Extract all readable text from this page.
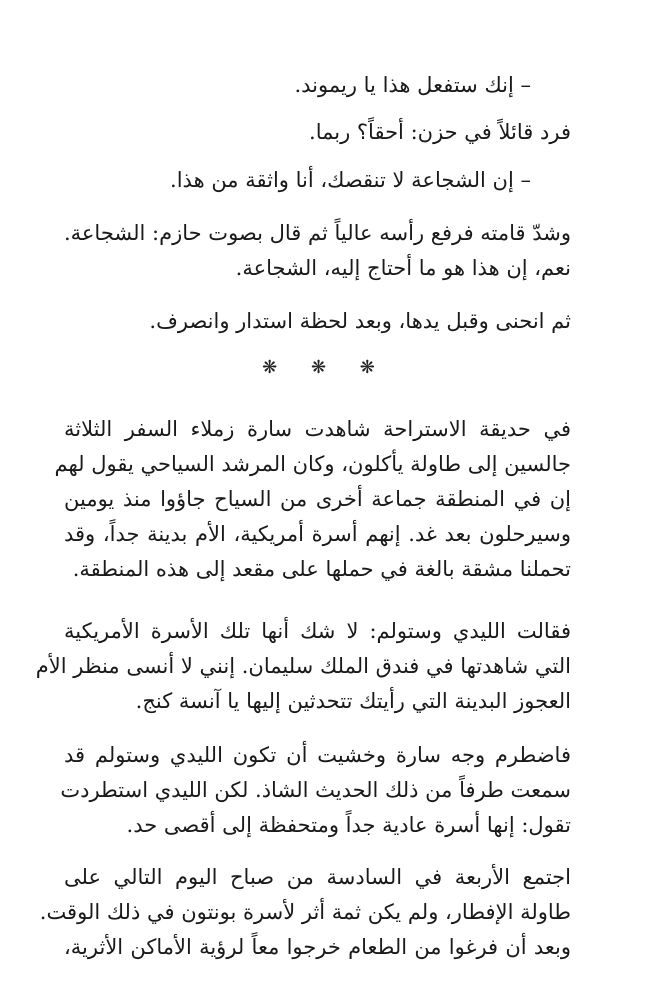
– إنك ستفعل هذا يا ريموند.

فرد قائلاً في حزن: أحقاً؟ ربما.

– إن الشجاعة لا تنقصك، أنا واثقة من هذا.

وشدّ قامته فرفع رأسه عالياً ثم قال بصوت حازم: الشجاعة.
نعم، إن هذا هو ما أحتاج إليه، الشجاعة.

ثم انحنى وقبل يدها، وبعد لحظة استدار وانصرف.

❋ ❋ ❋

في حديقة الاستراحة شاهدت سارة زملاء السفر الثلاثة
جالسين إلى طاولة يأكلون، وكان المرشد السياحي يقول لهم
إن في المنطقة جماعة أخرى من السياح جاؤوا منذ يومين
وسيرحلون بعد غد. إنهم أسرة أمريكية، الأم بدينة جداً، وقد
تحملنا مشقة بالغة في حملها على مقعد إلى هذه المنطقة.

فقالت الليدي وستولم: لا شك أنها تلك الأسرة الأمريكية
التي شاهدتها في فندق الملك سليمان. إنني لا أنسى منظر الأم
العجوز البدينة التي رأيتك تتحدثين إليها يا آنسة كنج.

فاضطرم وجه سارة وخشيت أن تكون الليدي وستولم قد
سمعت طرفاً من ذلك الحديث الشاذ. لكن الليدي استطردت
تقول: إنها أسرة عادية جداً ومتحفظة إلى أقصى حد.

اجتمع الأربعة في السادسة من صباح اليوم التالي على
طاولة الإفطار، ولم يكن ثمة أثر لأسرة بونتون في ذلك الوقت.
وبعد أن فرغوا من الطعام خرجوا معاً لرؤية الأماكن الأثرية،
